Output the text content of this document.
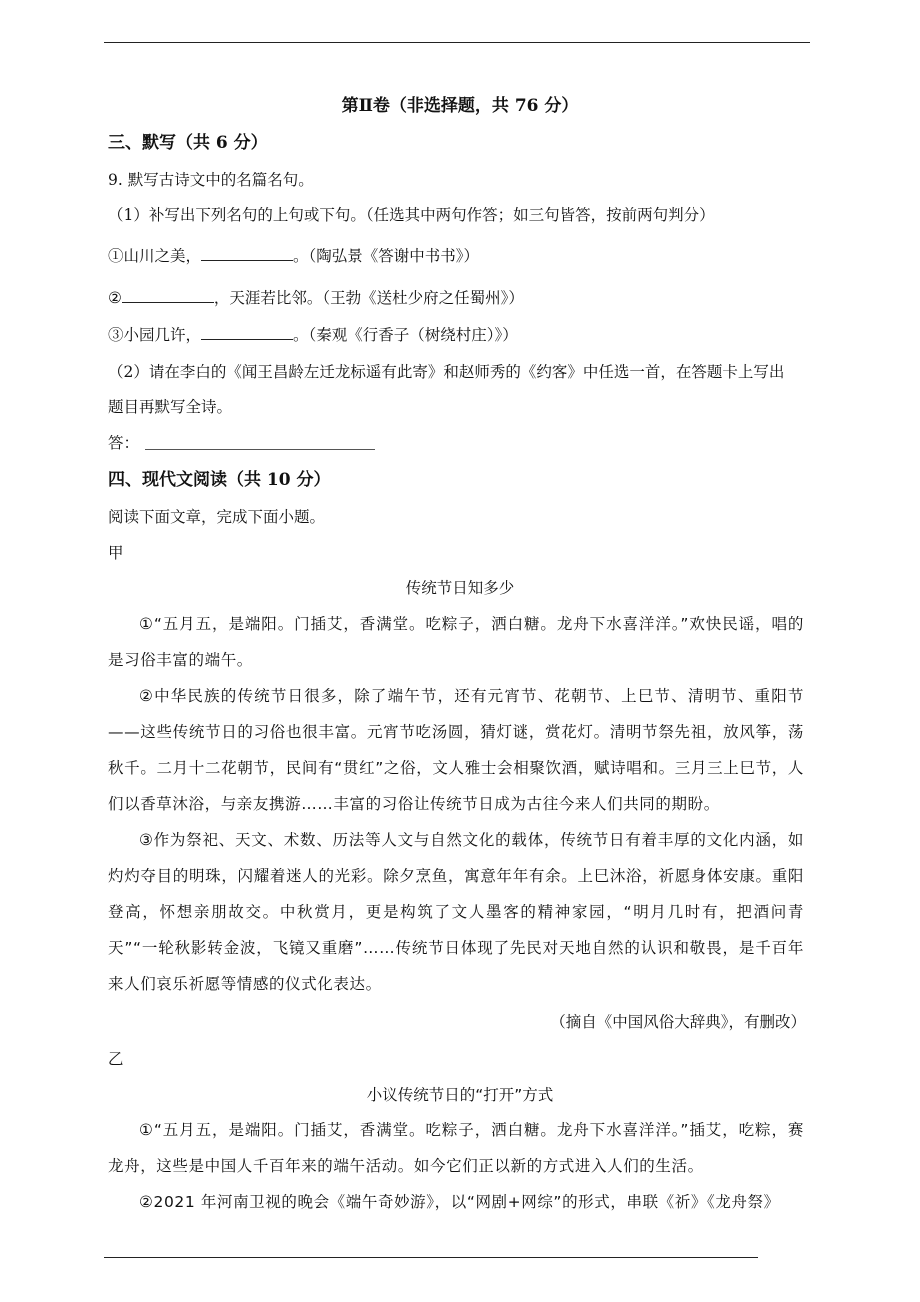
第Ⅱ卷（非选择题，共 76 分）
三、默写（共 6 分）
9. 默写古诗文中的名篇名句。
（1）补写出下列名句的上句或下句。（任选其中两句作答；如三句皆答，按前两句判分）
①山川之美，	。（陶弘景《答谢中书书》）
②	，天涯若比邻。（王勃《送杜少府之任蜀州》）
③小园几许，	。（秦观《行香子（树绕村庄）》）
（2）请在李白的《闻王昌龄左迁龙标遥有此寄》和赵师秀的《约客》中任选一首，在答题卡上写出
题目再默写全诗。
答：
四、现代文阅读（共 10 分）
阅读下面文章，完成下面小题。
甲
传统节日知多少
①“五月五，是端阳。门插艾，香满堂。吃粽子，洒白糖。龙舟下水喜洋洋。”欢快民谣，唱的是习俗丰富的端午。
②中华民族的传统节日很多，除了端午节，还有元宵节、花朝节、上巳节、清明节、重阳节——这些传统节日的习俗也很丰富。元宵节吃汤圆，猜灯谜，赏花灯。清明节祭先祖，放风筝，荡秋千。二月十二花朝节，民间有“贯红”之俗，文人雅士会相聚饮酒，赋诗唱和。三月三上巳节，人们以香草沐浴，与亲友携游……丰富的习俗让传统节日成为古往今来人们共同的期盼。
③作为祭祀、天文、术数、历法等人文与自然文化的载体，传统节日有着丰厚的文化内涵，如灼灼夺目的明珠，闪耀着迷人的光彩。除夕烹鱼，寓意年年有余。上巳沐浴，祈愿身体安康。重阳登高，怀想亲朋故交。中秋赏月，更是构筑了文人墨客的精神家园，“明月几时有，把酒问青天”“一轮秋影转金波，飞镜又重磨”……传统节日体现了先民对天地自然的认识和敬畏，是千百年来人们哀乐祈愿等情感的仪式化表达。
（摘自《中国风俗大辞典》，有删改）
乙
小议传统节日的“打开”方式
①“五月五，是端阳。门插艾，香满堂。吃粽子，洒白糖。龙舟下水喜洋洋。”插艾，吃粽，赛龙舟，这些是中国人千百年来的端午活动。如今它们正以新的方式进入人们的生活。
②2021 年河南卫视的晚会《端午奇妙游》，以“网剧+网综”的形式，串联《祈》《龙舟祭》
